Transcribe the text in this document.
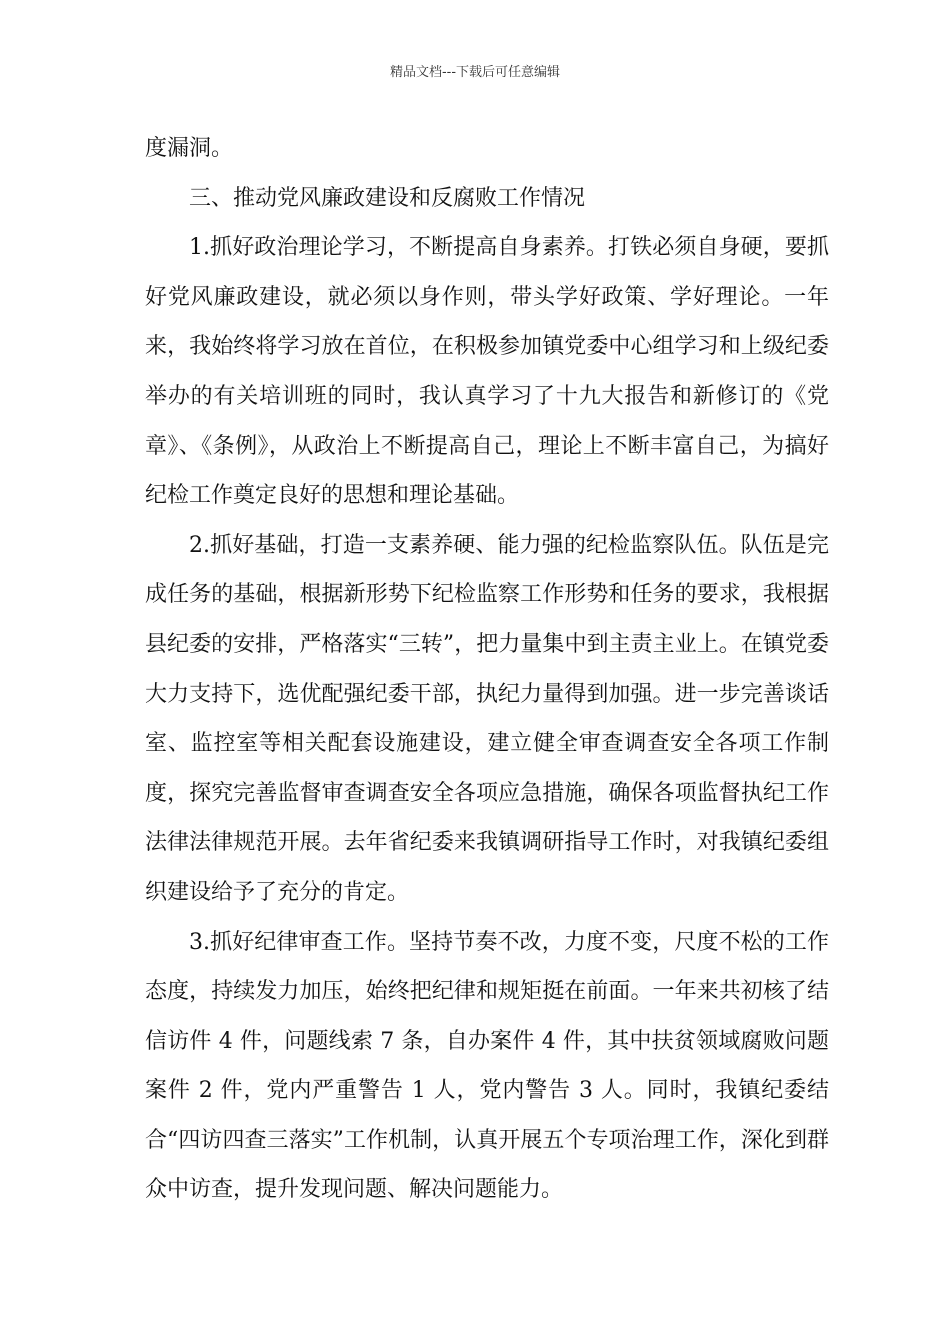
精品文档---下载后可任意编辑

度漏洞。

三、推动党风廉政建设和反腐败工作情况

1.抓好政治理论学习，不断提高自身素养。打铁必须自身硬，要抓好党风廉政建设，就必须以身作则，带头学好政策、学好理论。一年来，我始终将学习放在首位，在积极参加镇党委中心组学习和上级纪委举办的有关培训班的同时，我认真学习了十九大报告和新修订的《党章》、《条例》，从政治上不断提高自己，理论上不断丰富自己，为搞好纪检工作奠定良好的思想和理论基础。

2.抓好基础，打造一支素养硬、能力强的纪检监察队伍。队伍是完成任务的基础，根据新形势下纪检监察工作形势和任务的要求，我根据县纪委的安排，严格落实“三转”，把力量集中到主责主业上。在镇党委大力支持下，选优配强纪委干部，执纪力量得到加强。进一步完善谈话室、监控室等相关配套设施建设，建立健全审查调查安全各项工作制度，探究完善监督审查调查安全各项应急措施，确保各项监督执纪工作法律法律规范开展。去年省纪委来我镇调研指导工作时，对我镇纪委组织建设给予了充分的肯定。

3.抓好纪律审查工作。坚持节奏不改，力度不变，尺度不松的工作态度，持续发力加压，始终把纪律和规矩挺在前面。一年来共初核了结信访件 4 件，问题线索 7 条，自办案件 4 件，其中扶贫领域腐败问题案件 2 件，党内严重警告 1 人，党内警告 3 人。同时，我镇纪委结合“四访四查三落实”工作机制，认真开展五个专项治理工作，深化到群众中访查，提升发现问题、解决问题能力。
